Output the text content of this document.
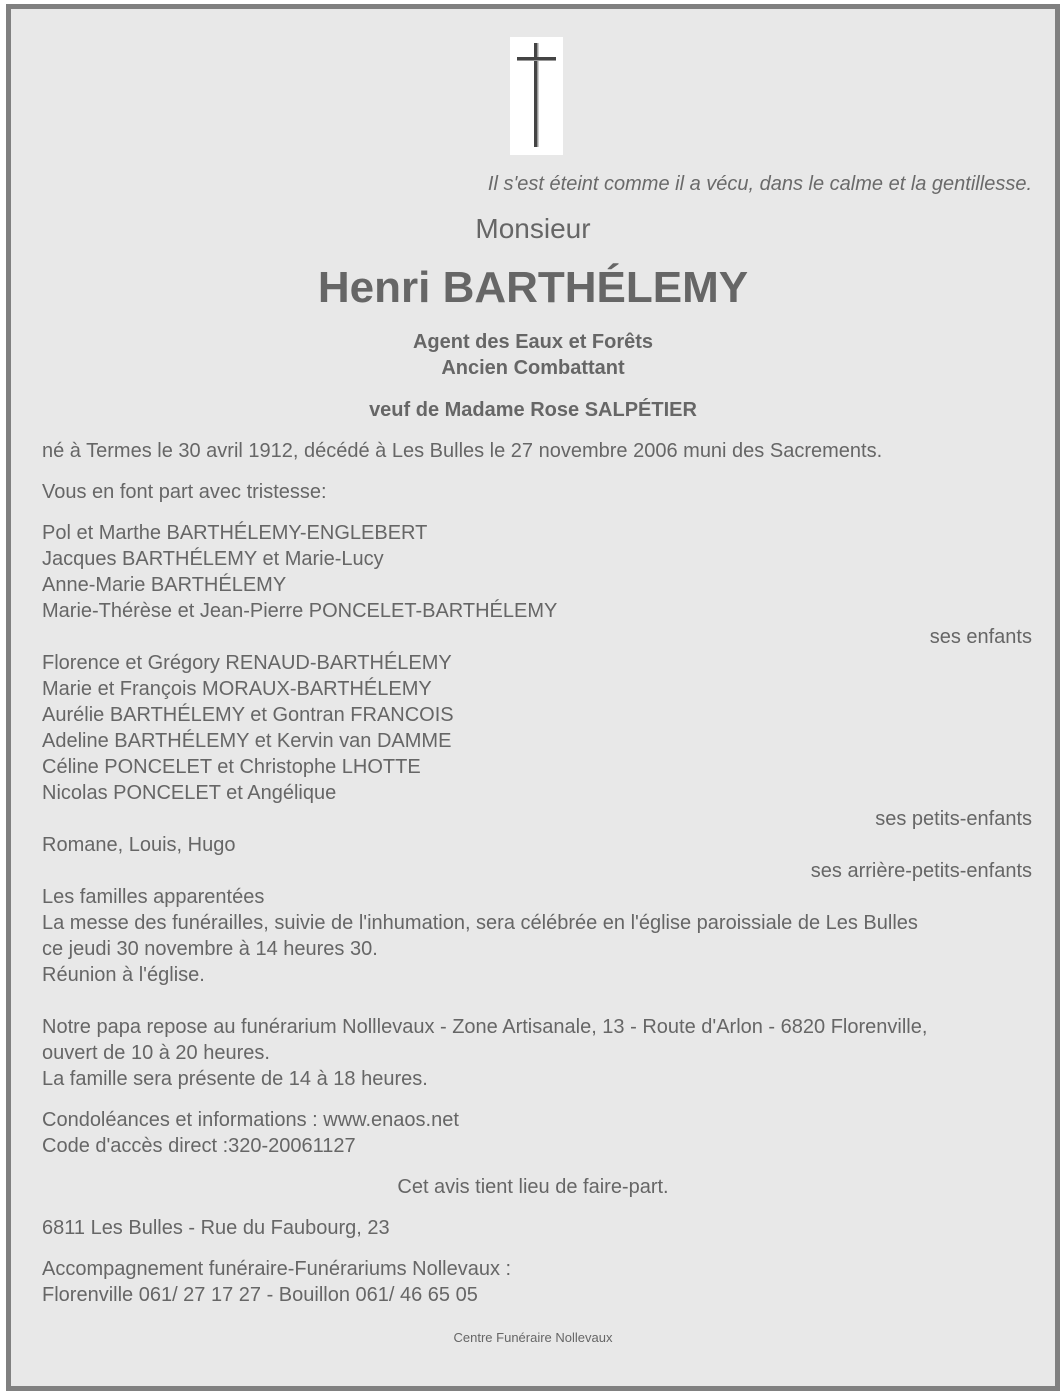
Il s'est éteint comme il a vécu, dans le calme et la gentillesse.
Monsieur
Henri BARTHÉLEMY
Agent des Eaux et Forêts
Ancien Combattant
veuf de Madame Rose SALPÉTIER
né à Termes le 30 avril 1912, décédé à Les Bulles le 27 novembre 2006 muni des Sacrements.
Vous en font part avec tristesse:
Pol et Marthe BARTHÉLEMY-ENGLEBERT
Jacques BARTHÉLEMY et Marie-Lucy
Anne-Marie BARTHÉLEMY
Marie-Thérèse et Jean-Pierre PONCELET-BARTHÉLEMY
ses enfants
Florence et Grégory RENAUD-BARTHÉLEMY
Marie et François MORAUX-BARTHÉLEMY
Aurélie BARTHÉLEMY et Gontran FRANCOIS
Adeline BARTHÉLEMY et Kervin van DAMME
Céline PONCELET et Christophe LHOTTE
Nicolas PONCELET et Angélique
ses petits-enfants
Romane, Louis, Hugo
ses arrière-petits-enfants
Les familles apparentées
La messe des funérailles, suivie de l'inhumation, sera célébrée en l'église paroissiale de Les Bulles
ce jeudi 30 novembre à 14 heures 30.
Réunion à l'église.
Notre papa repose au funérarium Nolllevaux - Zone Artisanale, 13 - Route d'Arlon - 6820 Florenville,
ouvert de 10 à 20 heures.
La famille sera présente de 14 à 18 heures.
Condoléances et informations : www.enaos.net
Code d'accès direct :320-20061127
Cet avis tient lieu de faire-part.
6811 Les Bulles - Rue du Faubourg, 23
Accompagnement funéraire-Funérariums Nollevaux :
Florenville 061/ 27 17 27 - Bouillon 061/ 46 65 05
Centre Funéraire Nollevaux
